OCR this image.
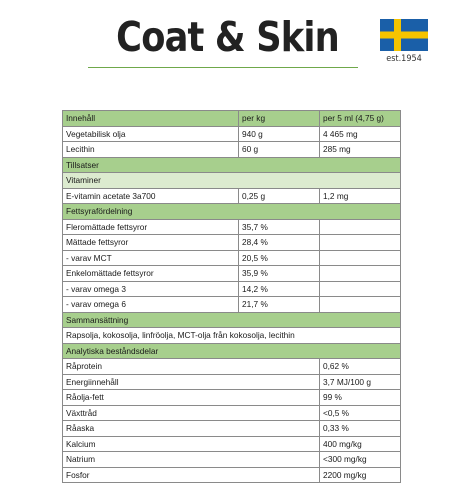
Coat & Skin	est.1954
Innehåll	per kg	per 5 ml (4,75 g)
Vegetabilisk olja	940 g	4 465 mg
Lecithin	60 g	285 mg
Tillsatser		
Vitaminer		
E-vitamin acetate 3a700	0,25 g	1,2 mg
Fettsyrafördelning		
Fleromättade fettsyror	35,7 %	
Mättade fettsyror	28,4 %	
- varav MCT	20,5 %	
Enkelomättade fettsyror	35,9 %	
- varav omega 3	14,2 %	
- varav omega 6	21,7 %	
Sammansättning		
Rapsolja, kokosolja, linfröolja, MCT-olja från kokosolja, lecithin		
Analytiska beståndsdelar		
Råprotein		0,62 %
Energiinnehåll		3,7 MJ/100 g
Råolja-fett		99 %
Växttråd		<0,5 %
Råaska		0,33 %
Kalcium		400 mg/kg
Natrium		<300 mg/kg
Fosfor		2200 mg/kg
